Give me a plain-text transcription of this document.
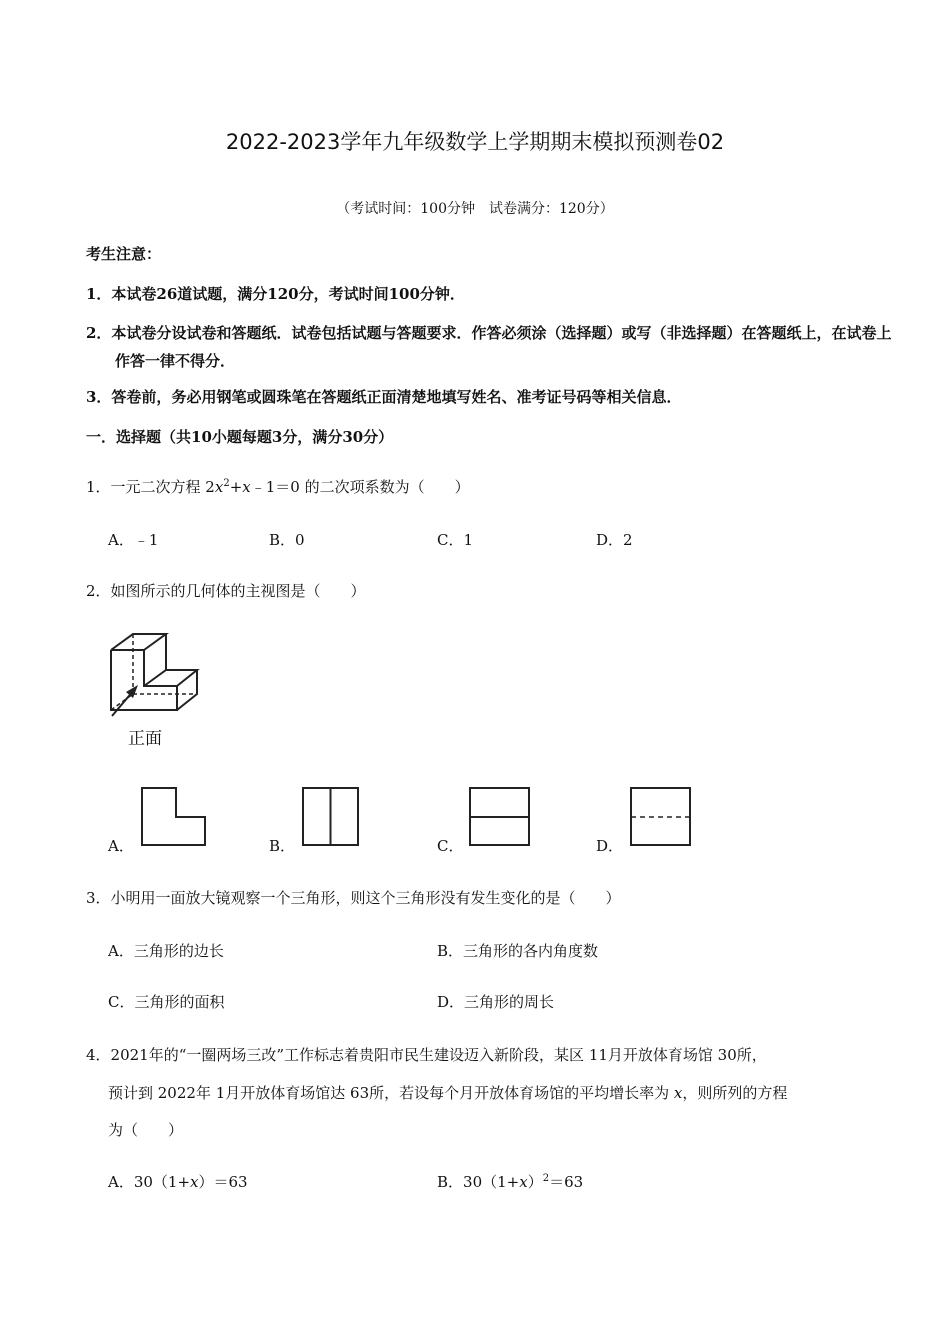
2022-2023学年九年级数学上学期期末模拟预测卷02
（考试时间：100分钟　试卷满分：120分）
考生注意：
1．本试卷26道试题，满分120分，考试时间100分钟．
2．本试卷分设试卷和答题纸．试卷包括试题与答题要求．作答必须涂（选择题）或写（非选择题）在答题纸上，在试卷上作答一律不得分．
3．答卷前，务必用钢笔或圆珠笔在答题纸正面清楚地填写姓名、准考证号码等相关信息．
一．选择题（共10小题每题3分，满分30分）
1．一元二次方程 $2x^2+x﹣1=0$ 的二次项系数为（　　）
A．﹣1	B．0	C．1	D．2
2．如图所示的几何体的主视图是（　　）
正面
A．	B．	C．	D．
3．小明用一面放大镜观察一个三角形，则这个三角形没有发生变化的是（　　）
A．三角形的边长	B．三角形的各内角度数
C．三角形的面积	D．三角形的周长
4．2021年的“一圈两场三改”工作标志着贵阳市民生建设迈入新阶段，某区 11月开放体育场馆 30所，
预计到 2022年 1月开放体育场馆达 63所，若设每个月开放体育场馆的平均增长率为 x，则所列的方程
为（　　）
A．30（1+x）＝63	B．$30(1+x)^2=63$
